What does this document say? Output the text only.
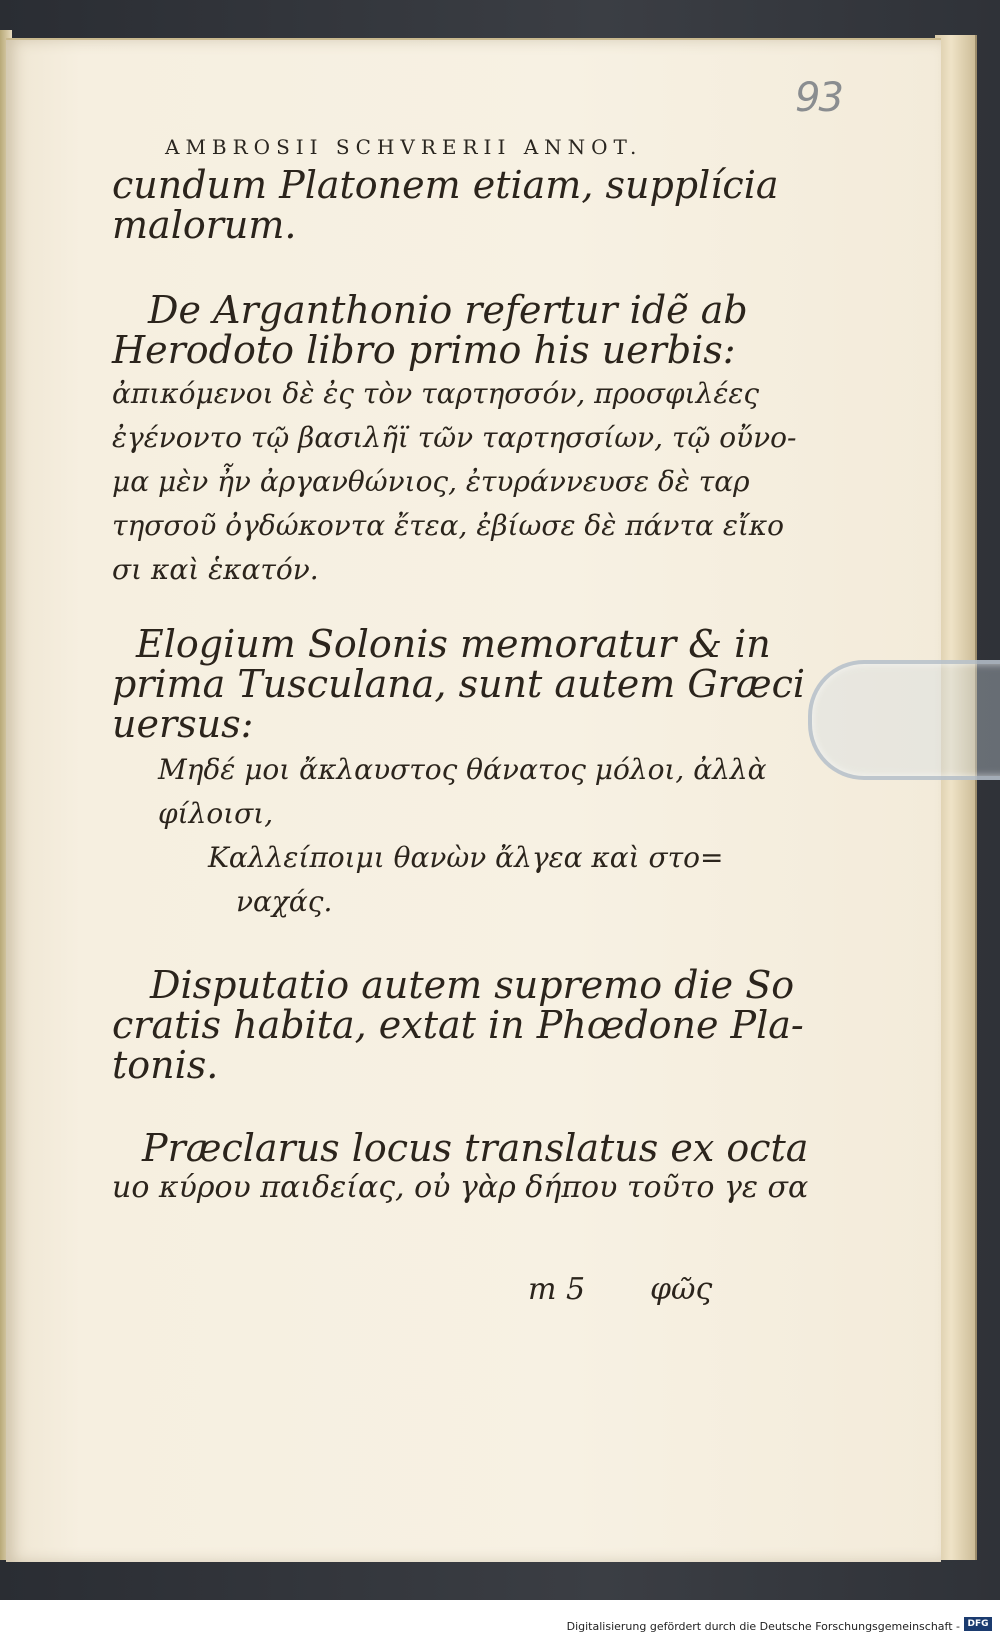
93
AMBROSII SCHVRERII ANNOT.
cundum Platonem etiam, supplícia
malorum.
De Arganthonio refertur idẽ ab
Herodoto libro primo his uerbis:
ἀπικόμενοι δὲ ἐς τὸν ταρτησσόν, προσφιλέες
ἐγένοντο τῷ βασιλῆϊ τῶν ταρτησσίων, τῷ οὔνο-
μα μὲν ἦν ἀργανθώνιος, ἐτυράννευσε δὲ ταρ
τησσοῦ ὀγδώκοντα ἔτεα, ἐβίωσε δὲ πάντα εἴκο
σι καὶ ἑκατόν.
Elogium Solonis memoratur & in
prima Tusculana, sunt autem Græci
uersus:
Μηδέ μοι ἄκλαυστος θάνατος μόλοι, ἀλλὰ
φίλοισι,
Καλλείποιμι θανὼν ἄλγεα καὶ στο=
ναχάς.
Disputatio autem supremo die So
cratis habita, extat in Phœdone Pla-
tonis.
Præclarus locus translatus ex octa
uo κύρου παιδείας, οὐ γὰρ δήπου τοῦτο γε σα
m 5 φῶς
Digitalisierung gefördert durch die Deutsche Forschungsgemeinschaft - DFG
